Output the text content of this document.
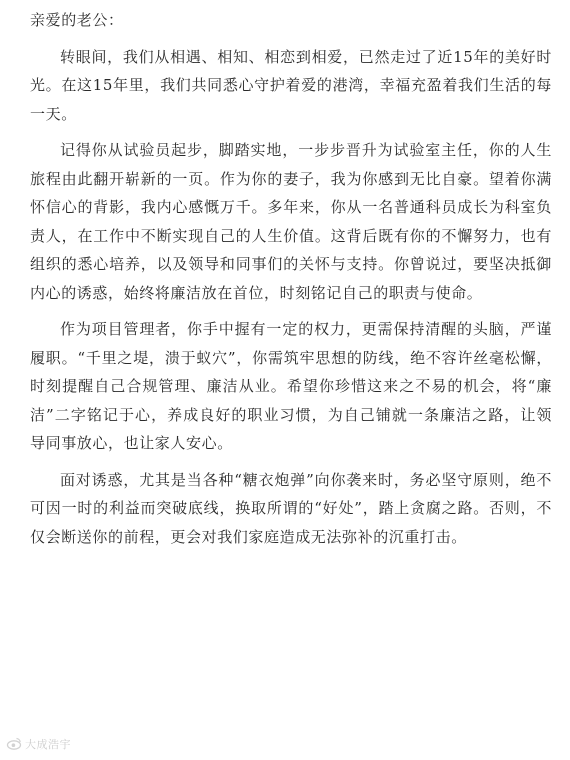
亲爱的老公：

转眼间，我们从相遇、相知、相恋到相爱，已然走过了近15年的美好时光。在这15年里，我们共同悉心守护着爱的港湾，幸福充盈着我们生活的每一天。

记得你从试验员起步，脚踏实地，一步步晋升为试验室主任，你的人生旅程由此翻开崭新的一页。作为你的妻子，我为你感到无比自豪。望着你满怀信心的背影，我内心感慨万千。多年来，你从一名普通科员成长为科室负责人，在工作中不断实现自己的人生价值。这背后既有你的不懈努力，也有组织的悉心培养，以及领导和同事们的关怀与支持。你曾说过，要坚决抵御内心的诱惑，始终将廉洁放在首位，时刻铭记自己的职责与使命。

作为项目管理者，你手中握有一定的权力，更需保持清醒的头脑，严谨履职。“千里之堤，溃于蚁穴”，你需筑牢思想的防线，绝不容许丝毫松懈，时刻提醒自己合规管理、廉洁从业。希望你珍惜这来之不易的机会，将“廉洁”二字铭记于心，养成良好的职业习惯，为自己铺就一条廉洁之路，让领导同事放心，也让家人安心。

面对诱惑，尤其是当各种“糖衣炮弹”向你袭来时，务必坚守原则，绝不可因一时的利益而突破底线，换取所谓的“好处”，踏上贪腐之路。否则，不仅会断送你的前程，更会对我们家庭造成无法弥补的沉重打击。

大成浩宇
